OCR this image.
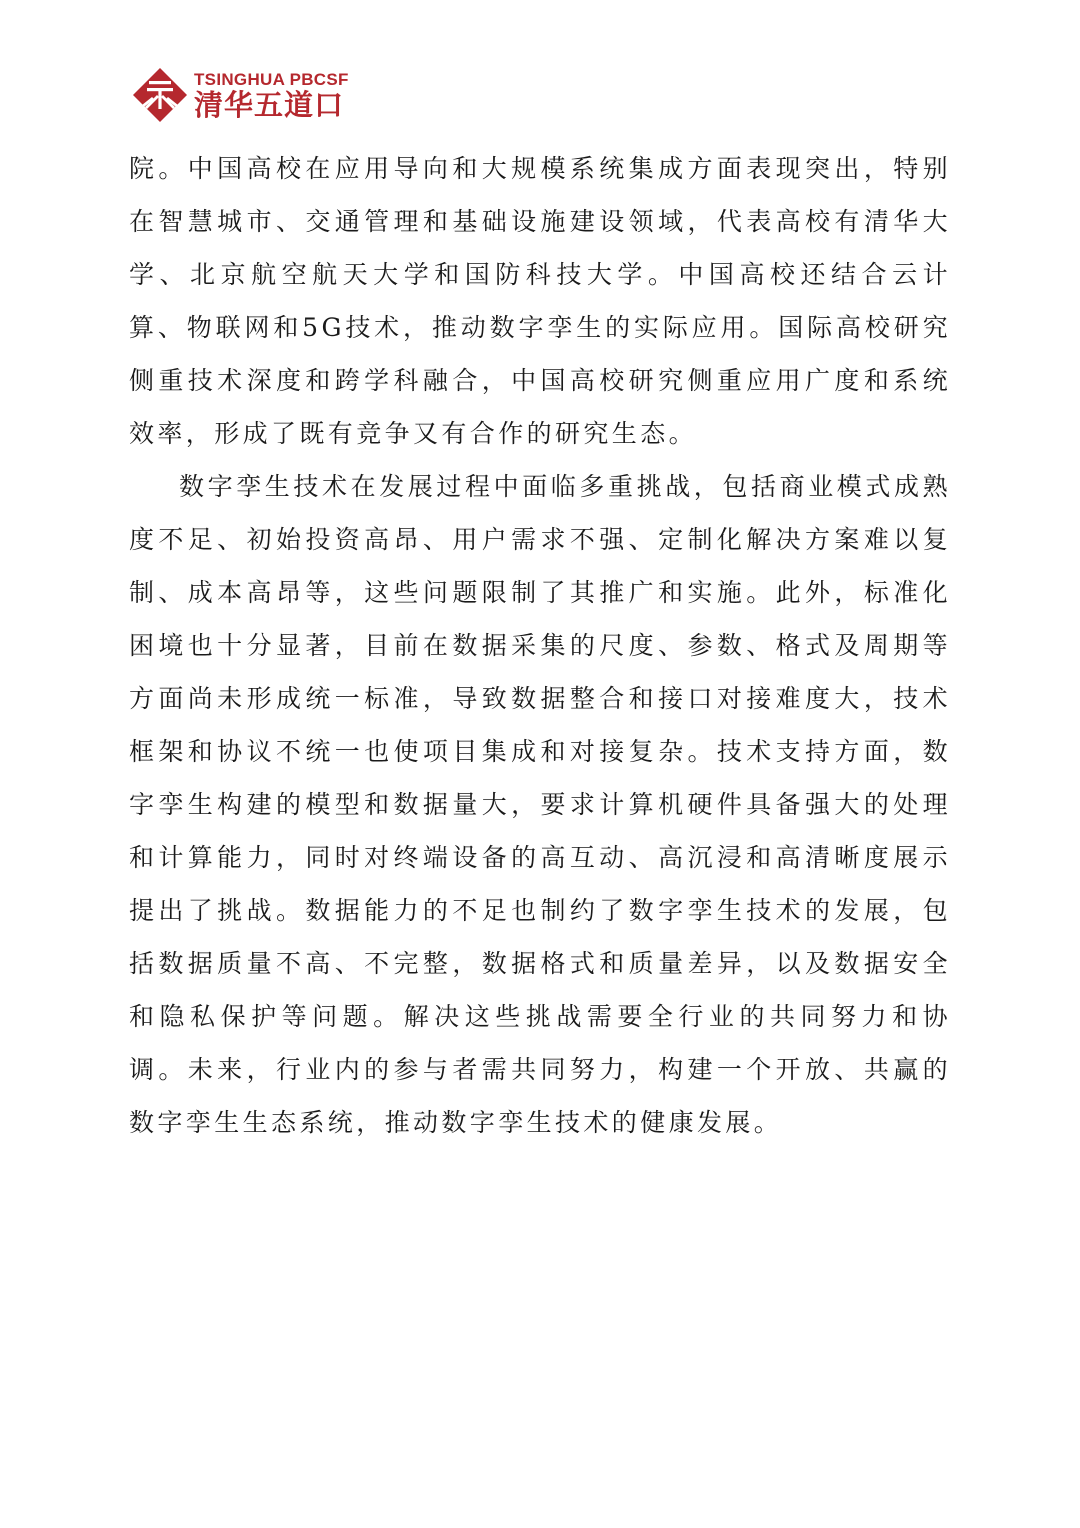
TSINGHUA PBCSF
清华五道口

院。中国高校在应用导向和大规模系统集成方面表现突出，特别在智慧城市、交通管理和基础设施建设领域，代表高校有清华大学、北京航空航天大学和国防科技大学。中国高校还结合云计算、物联网和5G技术，推动数字孪生的实际应用。国际高校研究侧重技术深度和跨学科融合，中国高校研究侧重应用广度和系统效率，形成了既有竞争又有合作的研究生态。

数字孪生技术在发展过程中面临多重挑战，包括商业模式成熟度不足、初始投资高昂、用户需求不强、定制化解决方案难以复制、成本高昂等，这些问题限制了其推广和实施。此外，标准化困境也十分显著，目前在数据采集的尺度、参数、格式及周期等方面尚未形成统一标准，导致数据整合和接口对接难度大，技术框架和协议不统一也使项目集成和对接复杂。技术支持方面，数字孪生构建的模型和数据量大，要求计算机硬件具备强大的处理和计算能力，同时对终端设备的高互动、高沉浸和高清晰度展示提出了挑战。数据能力的不足也制约了数字孪生技术的发展，包括数据质量不高、不完整，数据格式和质量差异，以及数据安全和隐私保护等问题。解决这些挑战需要全行业的共同努力和协调。未来，行业内的参与者需共同努力，构建一个开放、共赢的数字孪生生态系统，推动数字孪生技术的健康发展。
